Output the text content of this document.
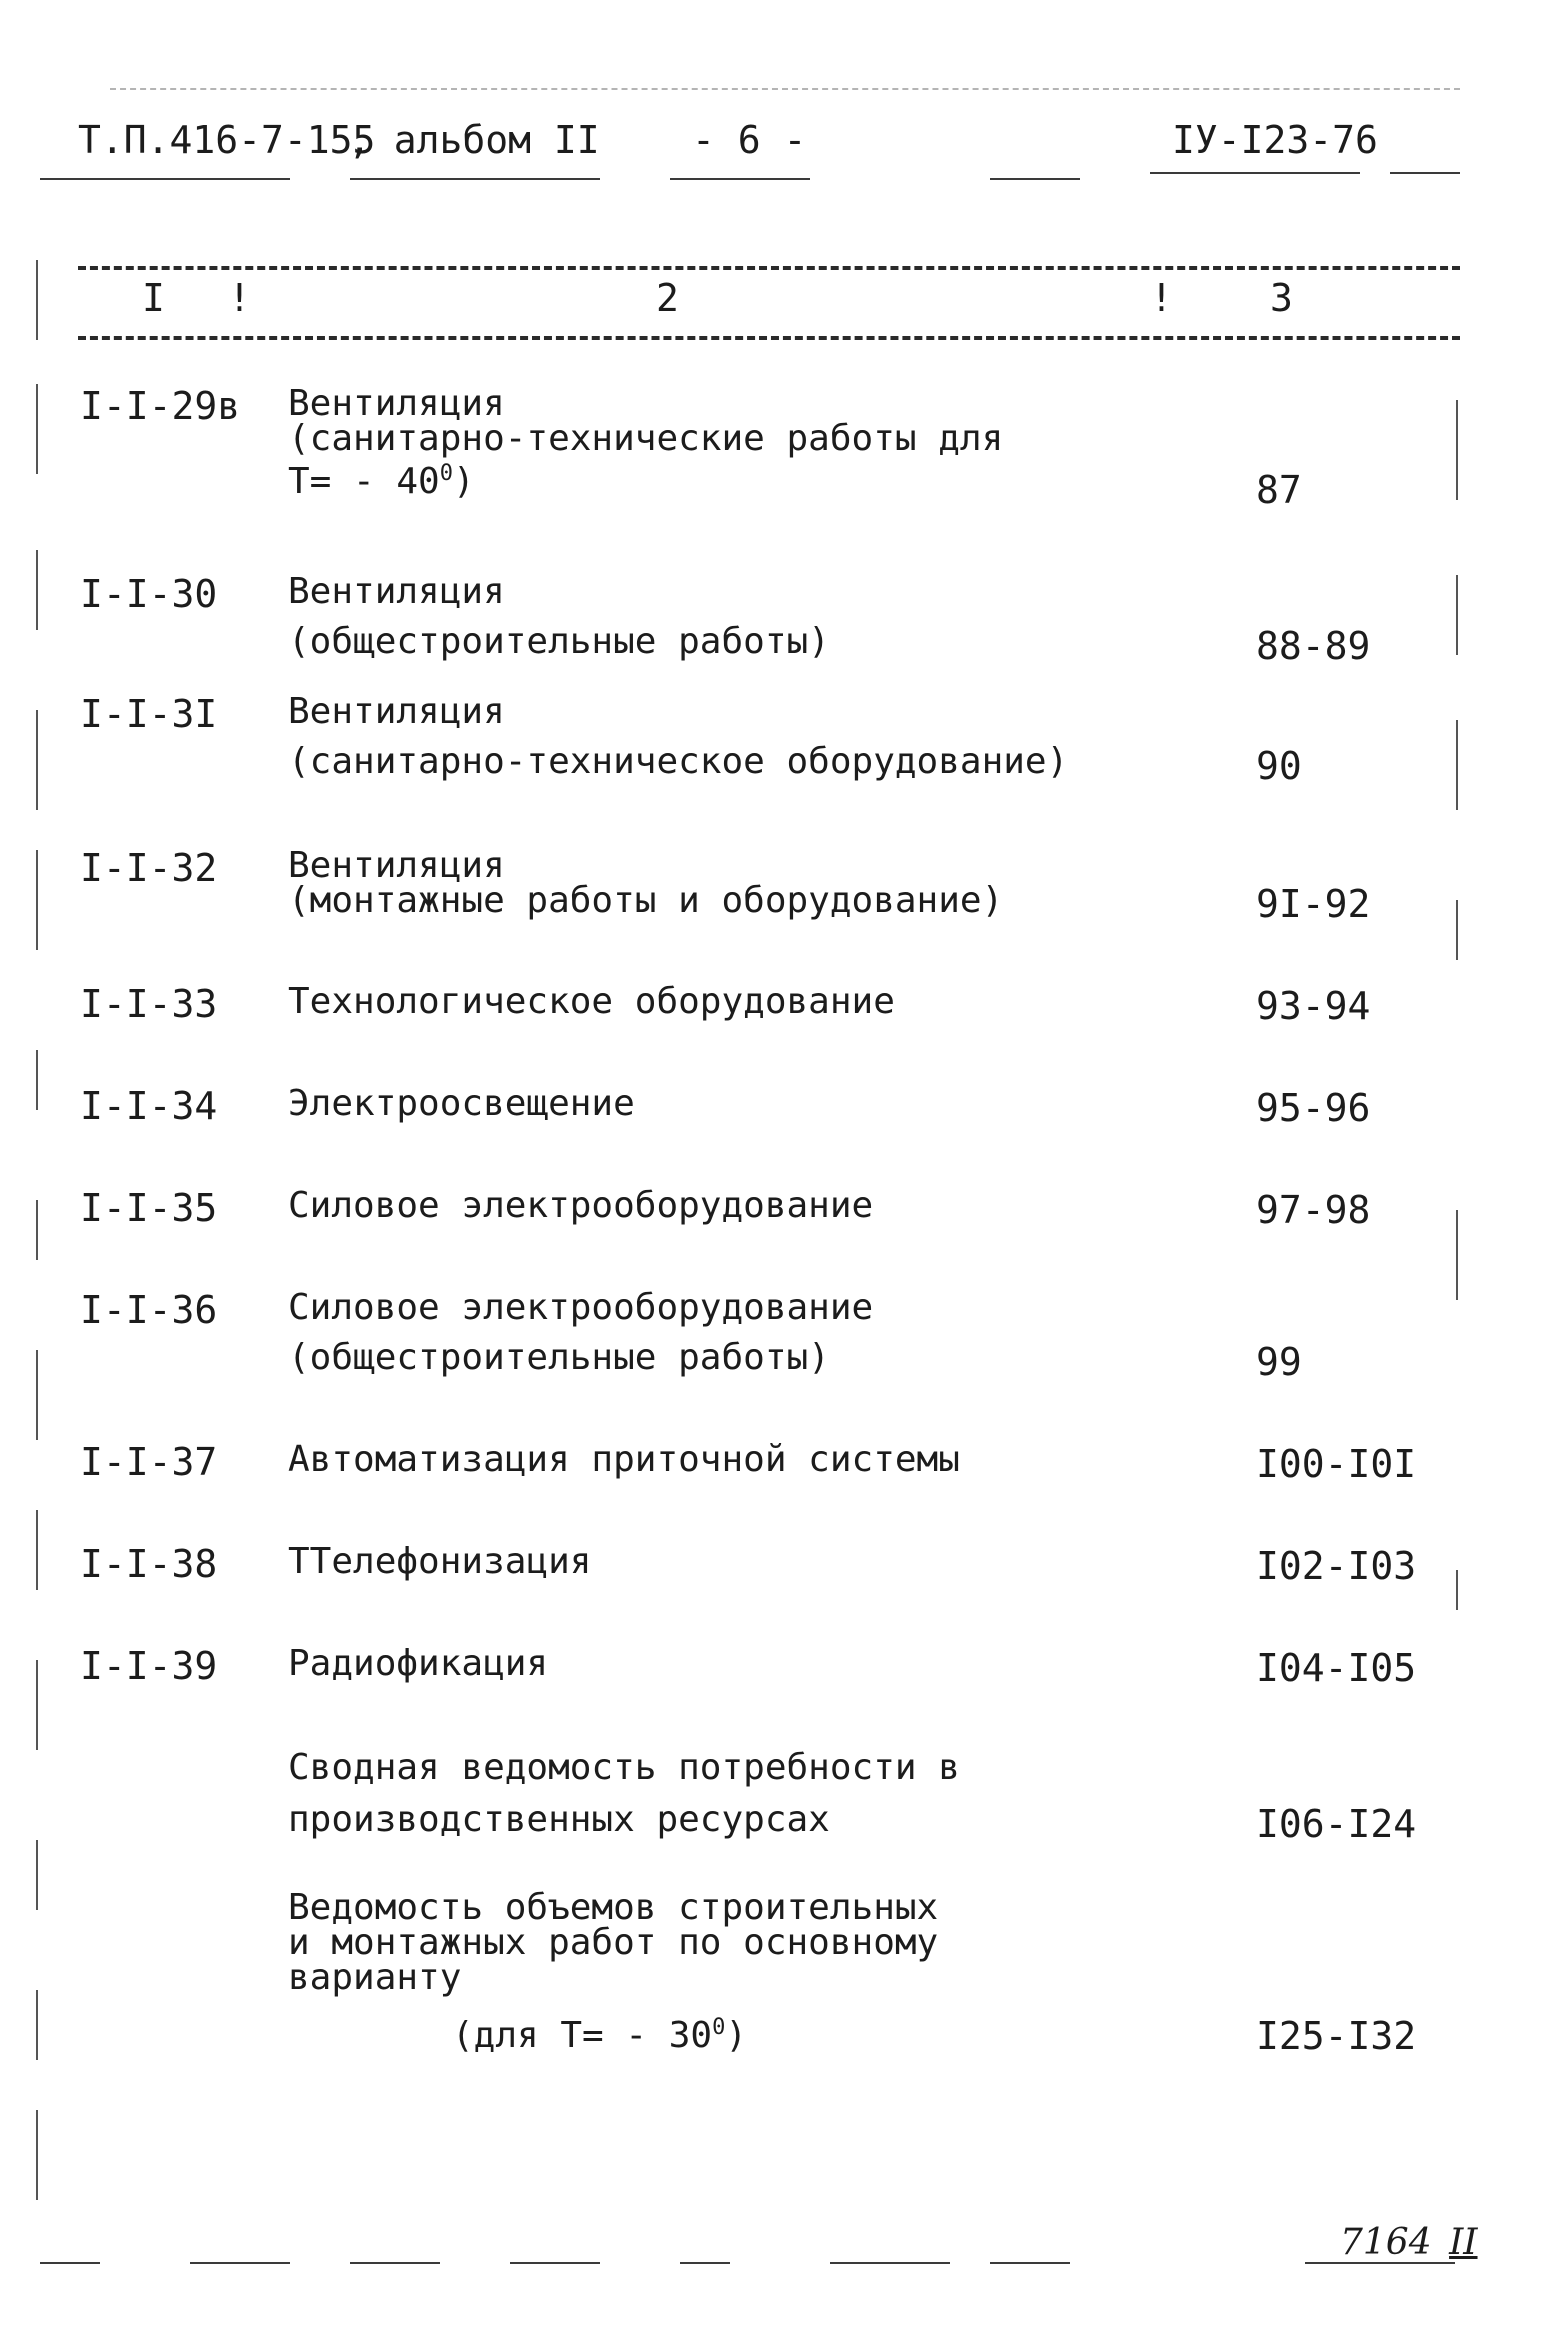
Т.П.416-7-155
, альбом II - 6 -	IУ-I23-76
I !	2	!	3
I-I-29в Вентиляция
(санитарно-технические работы для
$Т= - 40^0$)	87
I-I-30 Вентиляция
(общестроительные работы)	88-89
I-I-3I Вентиляция
(санитарно-техническое оборудование)	90
I-I-32 Вентиляция
(монтажные работы и оборудование)	9I-92
I-I-33 Технологическое оборудование	93-94
I-I-34 Электроосвещение	95-96
I-I-35 Силовое электрооборудование	97-98
I-I-36 Силовое электрооборудование
(общестроительные работы)	99
I-I-37 Автоматизация приточной системы	I00-I0I
I-I-38 ТТелефонизация	I02-I03
I-I-39 Радиофикация	I04-I05
Сводная ведомость потребности в
производственных ресурсах	I06-I24
Ведомость объемов строительных
и монтажных работ по основному
варианту
(для $Т= - 30^0$)	I25-I32
7164 II
